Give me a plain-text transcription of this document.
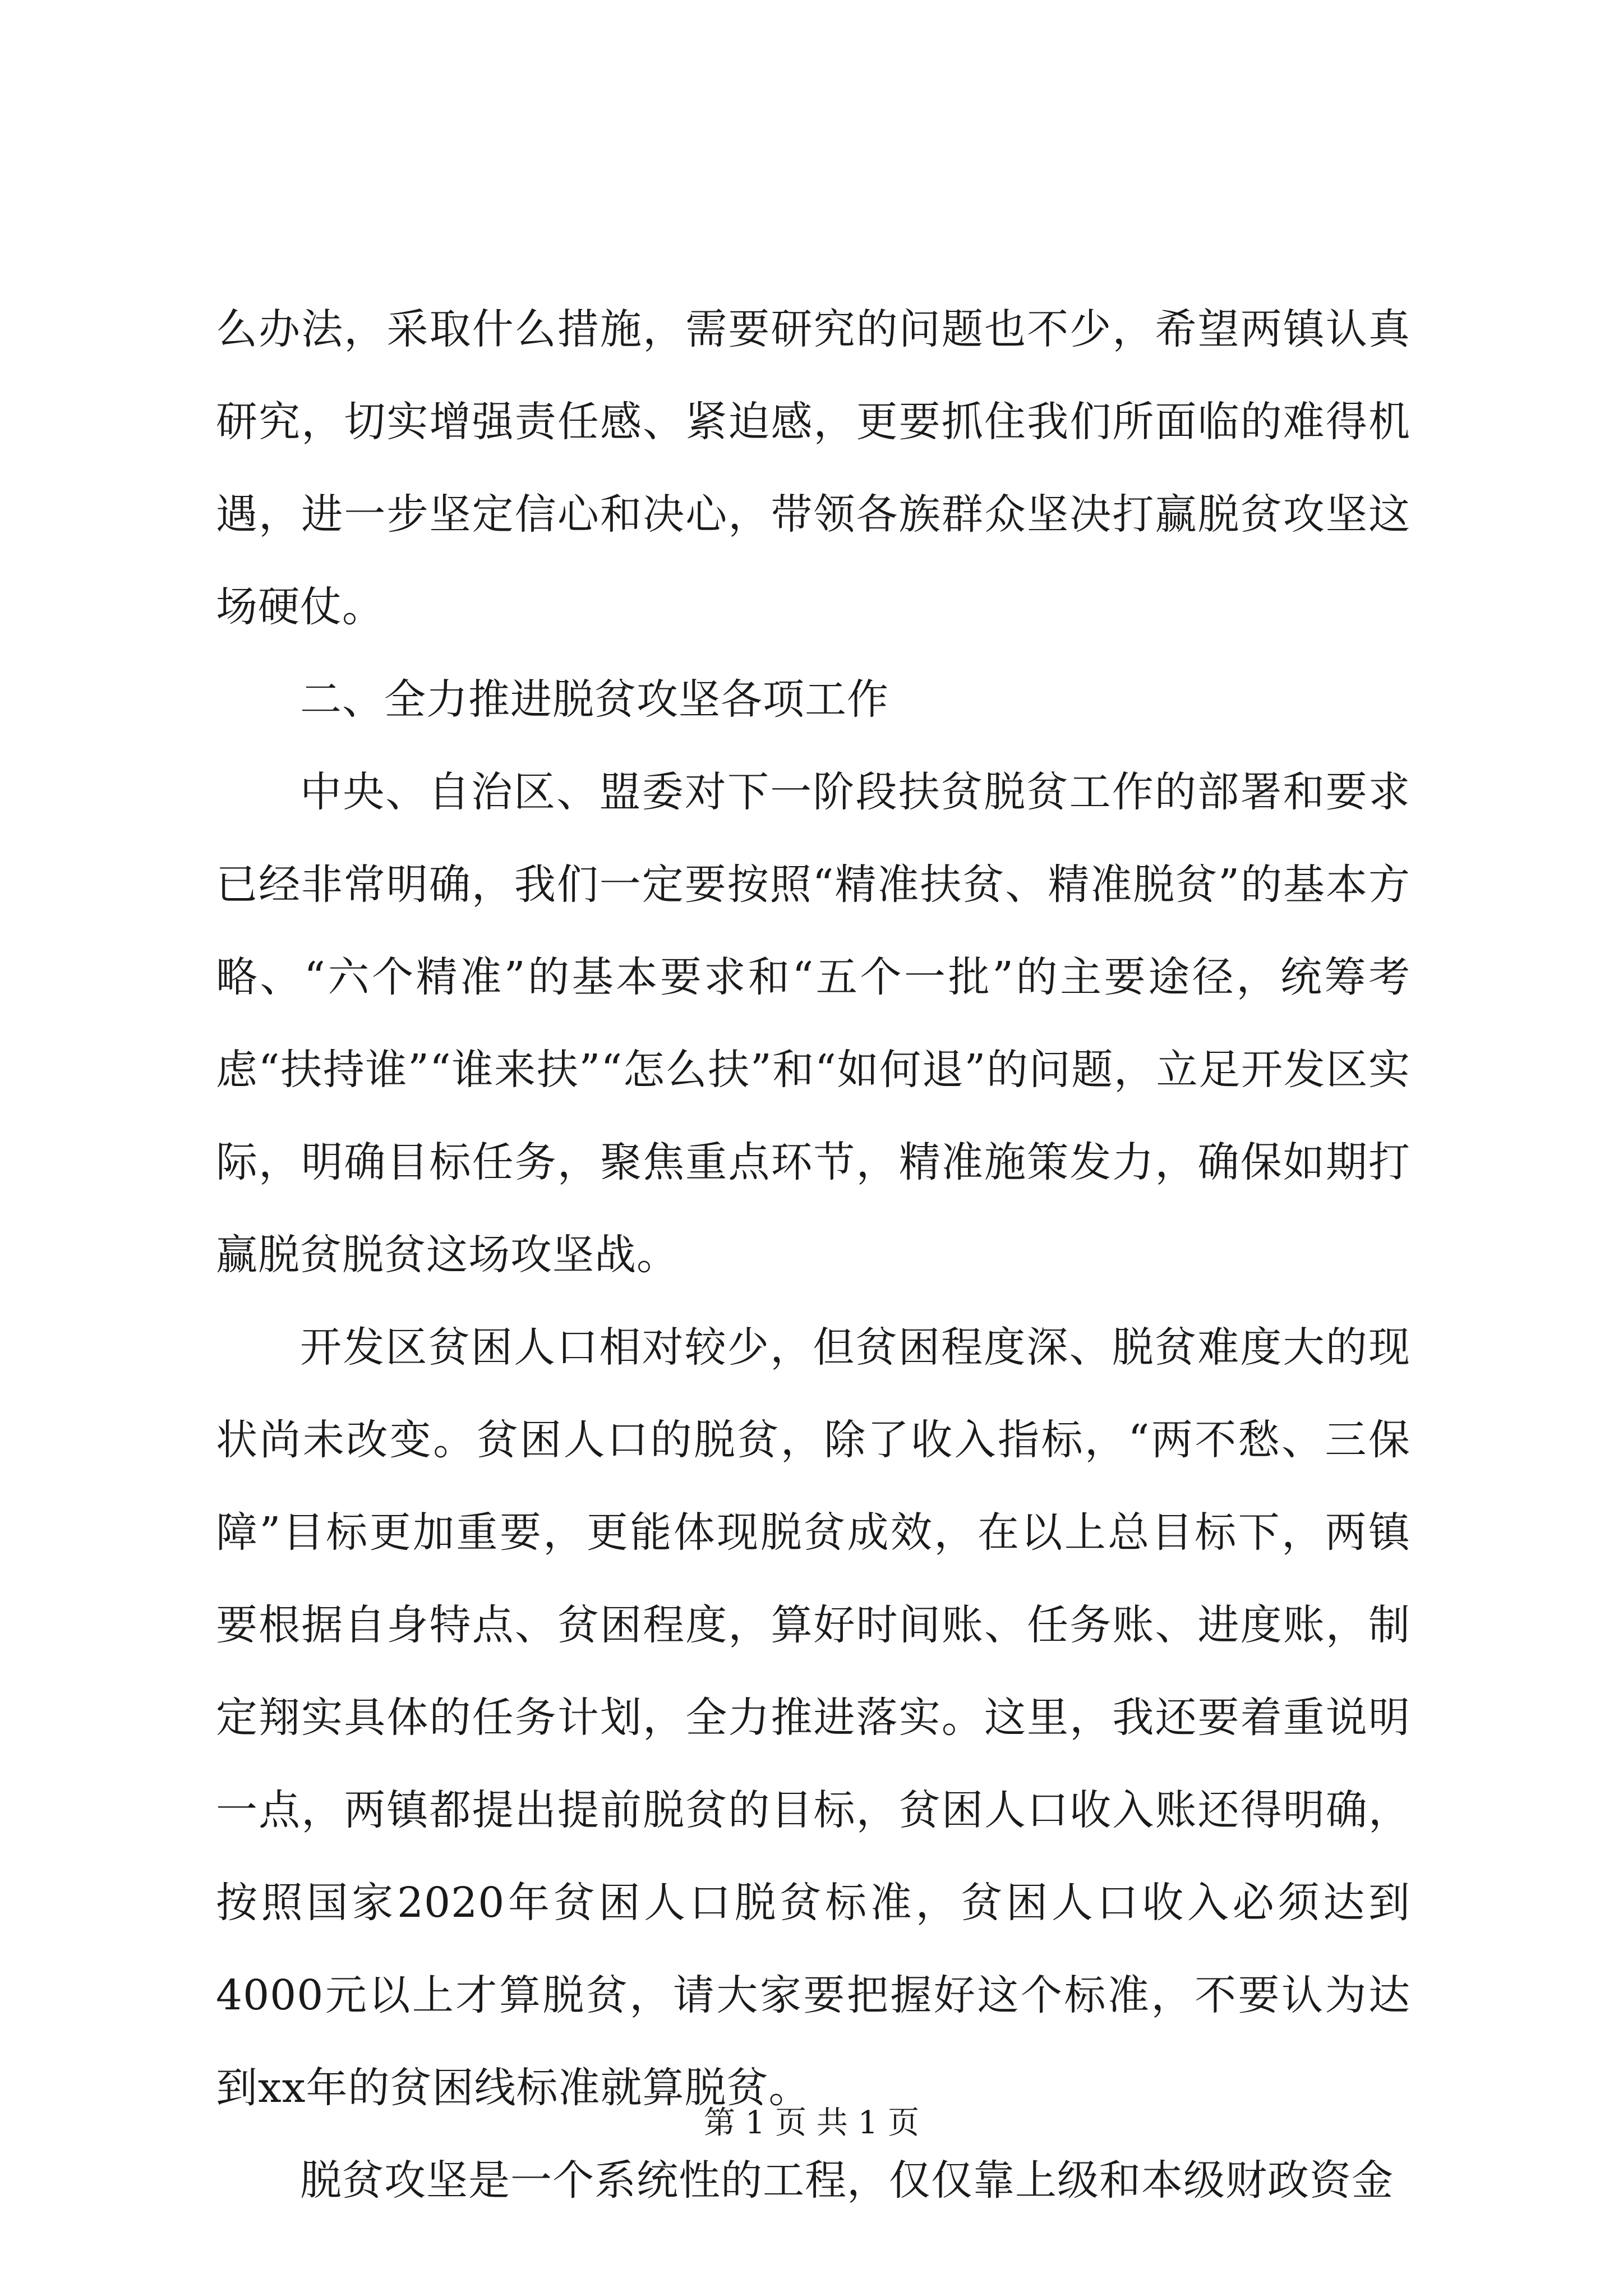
么办法，采取什么措施，需要研究的问题也不少，希望两镇认真研究，切实增强责任感、紧迫感，更要抓住我们所面临的难得机遇，进一步坚定信心和决心，带领各族群众坚决打赢脱贫攻坚这场硬仗。

二、全力推进脱贫攻坚各项工作

中央、自治区、盟委对下一阶段扶贫脱贫工作的部署和要求已经非常明确，我们一定要按照“精准扶贫、精准脱贫”的基本方略、“六个精准”的基本要求和“五个一批”的主要途径，统筹考虑“扶持谁”“谁来扶”“怎么扶”和“如何退”的问题，立足开发区实际，明确目标任务，聚焦重点环节，精准施策发力，确保如期打赢脱贫脱贫这场攻坚战。

开发区贫困人口相对较少，但贫困程度深、脱贫难度大的现状尚未改变。贫困人口的脱贫，除了收入指标，“两不愁、三保障”目标更加重要，更能体现脱贫成效，在以上总目标下，两镇要根据自身特点、贫困程度，算好时间账、任务账、进度账，制定翔实具体的任务计划，全力推进落实。这里，我还要着重说明一点，两镇都提出提前脱贫的目标，贫困人口收入账还得明确，按照国家2020年贫困人口脱贫标准，贫困人口收入必须达到4000元以上才算脱贫，请大家要把握好这个标准，不要认为达到xx年的贫困线标准就算脱贫。

脱贫攻坚是一个系统性的工程，仅仅靠上级和本级财政资金

第 1 页 共 1 页
